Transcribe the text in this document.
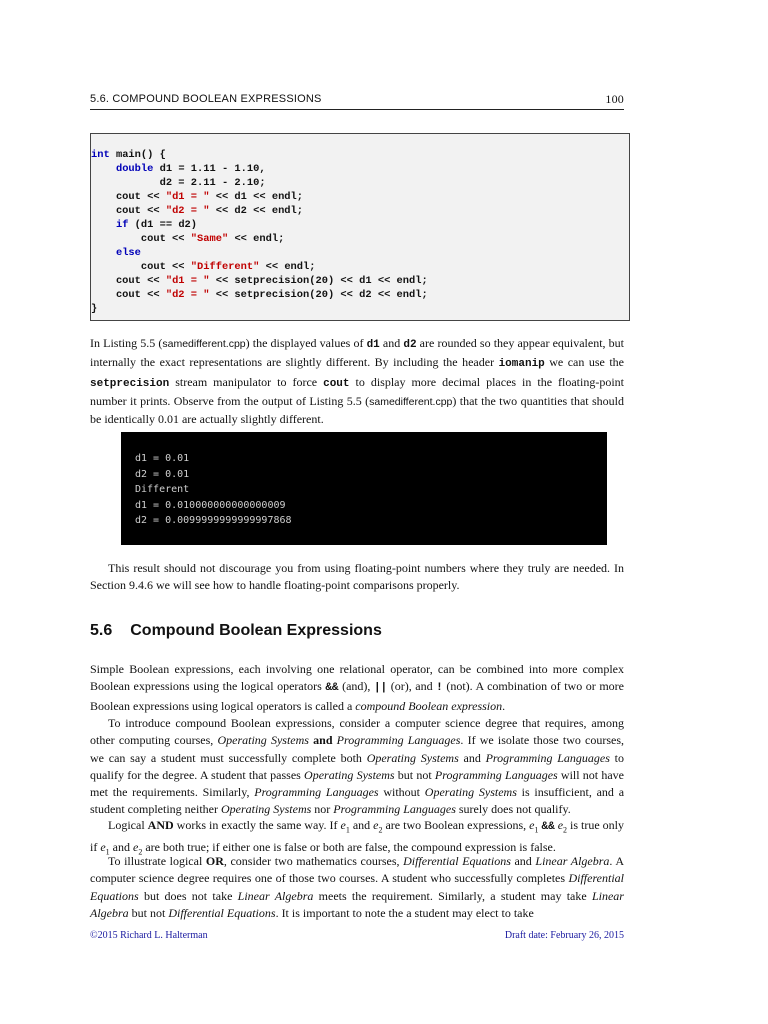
5.6. COMPOUND BOOLEAN EXPRESSIONS	100
int main() {
double d1 = 1.11 - 1.10,
d2 = 2.11 - 2.10;
cout << "d1 = " << d1 << endl;
cout << "d2 = " << d2 << endl;
if (d1 == d2)
cout << "Same" << endl;
else
cout << "Different" << endl;
cout << "d1 = " << setprecision(20) << d1 << endl;
cout << "d2 = " << setprecision(20) << d2 << endl;
}

In Listing 5.5 (samedifferent.cpp) the displayed values of d1 and d2 are rounded so they appear equivalent, but internally the exact representations are slightly different. By including the header iomanip we can use the setprecision stream manipulator to force cout to display more decimal places in the floating-point number it prints. Observe from the output of Listing 5.5 (samedifferent.cpp) that the two quantities that should be identically 0.01 are actually slightly different.

d1 = 0.01
d2 = 0.01
Different
d1 = 0.010000000000000009
d2 = 0.0099999999999997868

This result should not discourage you from using floating-point numbers where they truly are needed. In Section 9.4.6 we will see how to handle floating-point comparisons properly.

5.6 Compound Boolean Expressions

Simple Boolean expressions, each involving one relational operator, can be combined into more complex Boolean expressions using the logical operators && (and), || (or), and ! (not). A combination of two or more Boolean expressions using logical operators is called a compound Boolean expression.

To introduce compound Boolean expressions, consider a computer science degree that requires, among other computing courses, Operating Systems and Programming Languages. If we isolate those two courses, we can say a student must successfully complete both Operating Systems and Programming Languages to qualify for the degree. A student that passes Operating Systems but not Programming Languages will not have met the requirements. Similarly, Programming Languages without Operating Systems is insufficient, and a student completing neither Operating Systems nor Programming Languages surely does not qualify.

Logical AND works in exactly the same way. If $e_1$ and $e_2$ are two Boolean expressions, $e_1$ && $e_2$ is true only if $e_1$ and $e_2$ are both true; if either one is false or both are false, the compound expression is false.

To illustrate logical OR, consider two mathematics courses, Differential Equations and Linear Algebra. A computer science degree requires one of those two courses. A student who successfully completes Differential Equations but does not take Linear Algebra meets the requirement. Similarly, a student may take Linear Algebra but not Differential Equations. It is important to note the a student may elect to take

©2015 Richard L. Halterman	Draft date: February 26, 2015
